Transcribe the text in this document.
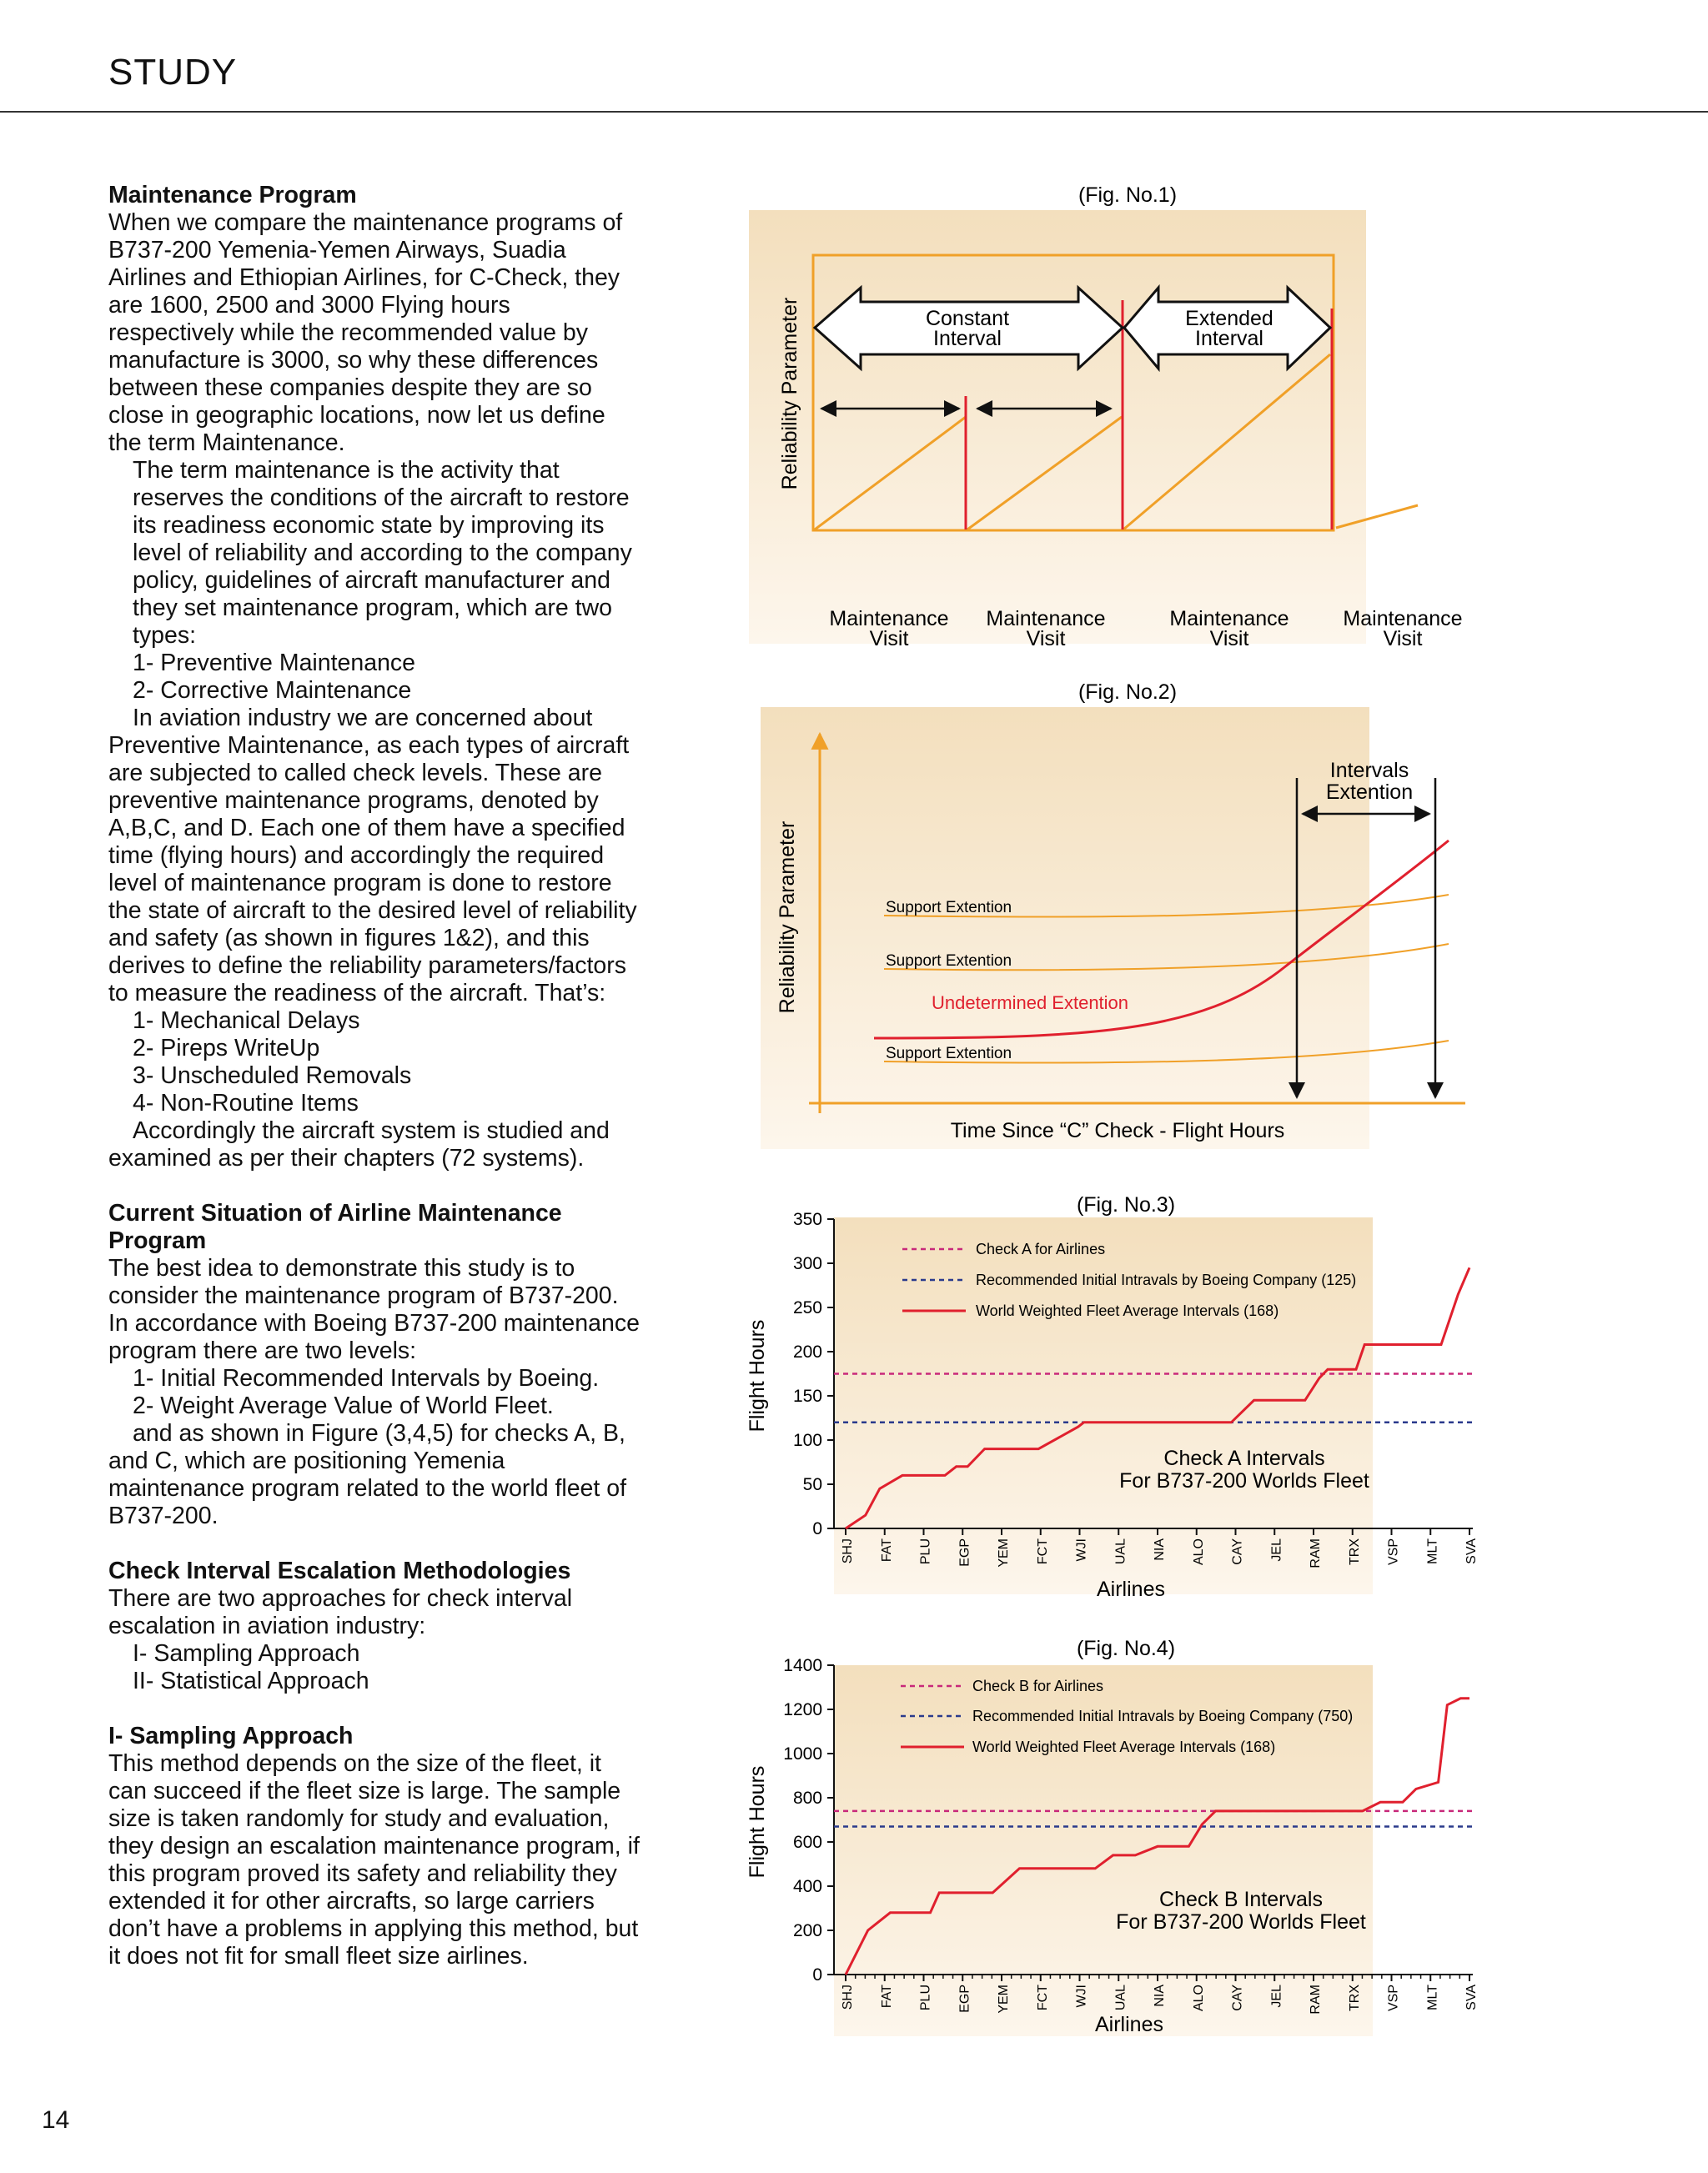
STUDY
Maintenance Program

When we compare the maintenance programs of B737-200 Yemenia-Yemen Airways, Suadia Airlines and Ethiopian Airlines, for C-Check, they are 1600, 2500 and 3000 Flying hours respectively while the recommended value by manufacture is 3000, so why these differences between these companies despite they are so close in geographic locations, now let us define the term Maintenance.

The term maintenance is the activity that reserves the conditions of the aircraft to restore its readiness economic state by improving its level of reliability and according to the company policy, guidelines of aircraft manufacturer and they set maintenance program, which are two types:

1- Preventive Maintenance

2- Corrective Maintenance

In aviation industry we are concerned about Preventive Maintenance, as each types of aircraft are subjected to called check levels. These are preventive maintenance programs, denoted by A,B,C, and D. Each one of them have a specified time (flying hours) and accordingly the required level of maintenance program is done to restore the state of aircraft to the desired level of reliability and safety (as shown in figures 1&2), and this derives to define the reliability parameters/factors to measure the readiness of the aircraft. That’s:

1- Mechanical Delays

2- Pireps WriteUp

3- Unscheduled Removals

4- Non-Routine Items

Accordingly the aircraft system is studied and examined as per their chapters (72 systems).

Current Situation of Airline Maintenance Program

The best idea to demonstrate this study is to consider the maintenance program of B737-200. In accordance with Boeing B737-200 maintenance program there are two levels:

1- Initial Recommended Intervals by Boeing.

2- Weight Average Value of World Fleet.

and as shown in Figure (3,4,5) for checks A, B, and C, which are positioning Yemenia maintenance program related to the world fleet of B737-200.

Check Interval Escalation Methodologies

There are two approaches for check interval escalation in aviation industry:

I- Sampling Approach

II- Statistical Approach

I- Sampling Approach

This method depends on the size of the fleet, it can succeed if the fleet size is large. The sample size is taken randomly for study and evaluation, they design an escalation maintenance program, if this program proved its safety and reliability they extended it for other aircrafts, so large carriers don’t have a problems in applying this method, but it does not fit for small fleet size airlines.

(Fig. No.1)
Reliability Parameter	Constant
Interval
Extended
Interval
Maintenance
Visit
Maintenance
Visit
Maintenance
Visit
Maintenance
Visit
(Fig. No.2)
Reliability Parameter
Time Since “C” Check - Flight Hours
Support Extention
Support Extention
Support Extention
Undetermined Extention
Intervals
Extention
(Fig. No.3)
Flight Hours
Airlines
0
50
100
150
200
250
300
350
SHJ FAT PLU EGP YEM FCT WJI UAL NIA ALO CAY JEL RAM TRX VSP MLT SVA
Check A for Airlines
Recommended Initial Intravals by Boeing Company (125)
World Weighted Fleet Average Intervals (168)
Check A Intervals
For B737-200 Worlds Fleet
(Fig. No.4)
Flight Hours
Airlines
0
200
400
600
800
1000
1200
1400
SHJ FAT PLU EGP YEM FCT WJI UAL NIA ALO CAY JEL RAM TRX VSP MLT SVA
Check B for Airlines
Recommended Initial Intravals by Boeing Company (750)
World Weighted Fleet Average Intervals (168)
Check B Intervals
For B737-200 Worlds Fleet
14
